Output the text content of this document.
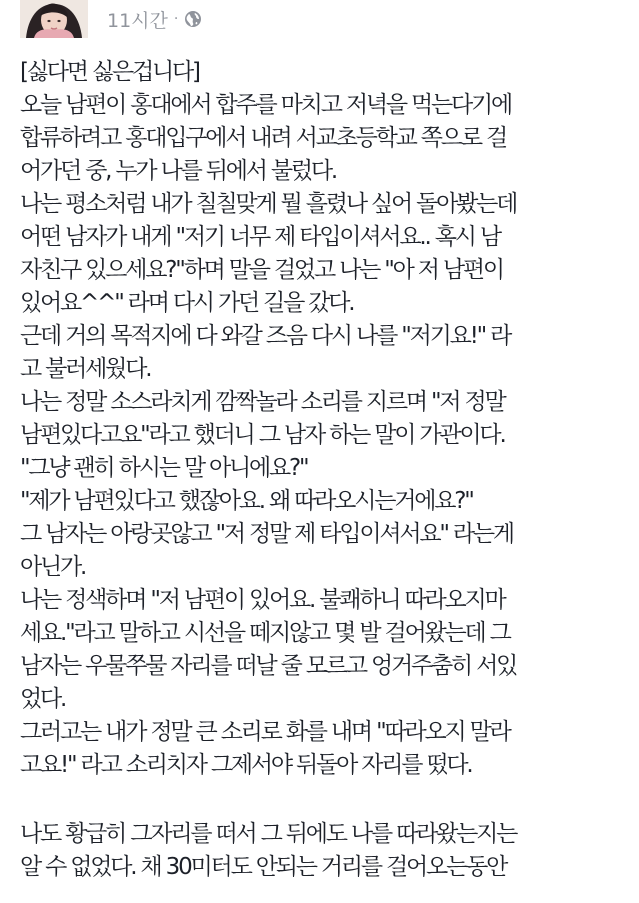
11시간 ·
[싫다면 싫은겁니다]
오늘 남편이 홍대에서 합주를 마치고 저녁을 먹는다기에
합류하려고 홍대입구에서 내려 서교초등학교 쪽으로 걸
어가던 중, 누가 나를 뒤에서 불렀다.
나는 평소처럼 내가 칠칠맞게 뭘 흘렸나 싶어 돌아봤는데
어떤 남자가 내게 "저기 너무 제 타입이셔서요.. 혹시 남
자친구 있으세요?"하며 말을 걸었고 나는 "아 저 남편이
있어요^^" 라며 다시 가던 길을 갔다.
근데 거의 목적지에 다 와갈 즈음 다시 나를 "저기요!" 라
고 불러세웠다.
나는 정말 소스라치게 깜짝놀라 소리를 지르며 "저 정말
남편있다고요"라고 했더니 그 남자 하는 말이 가관이다.
"그냥 괜히 하시는 말 아니에요?"
"제가 남편있다고 했잖아요. 왜 따라오시는거에요?"
그 남자는 아랑곳않고 "저 정말 제 타입이셔서요" 라는게
아닌가.
나는 정색하며 "저 남편이 있어요. 불쾌하니 따라오지마
세요."라고 말하고 시선을 떼지않고 몇 발 걸어왔는데 그
남자는 우물쭈물 자리를 떠날 줄 모르고 엉거주춤히 서있
었다.
그러고는 내가 정말 큰 소리로 화를 내며 "따라오지 말라
고요!" 라고 소리치자 그제서야 뒤돌아 자리를 떴다.
나도 황급히 그자리를 떠서 그 뒤에도 나를 따라왔는지는
알 수 없었다. 채 30미터도 안되는 거리를 걸어오는동안
